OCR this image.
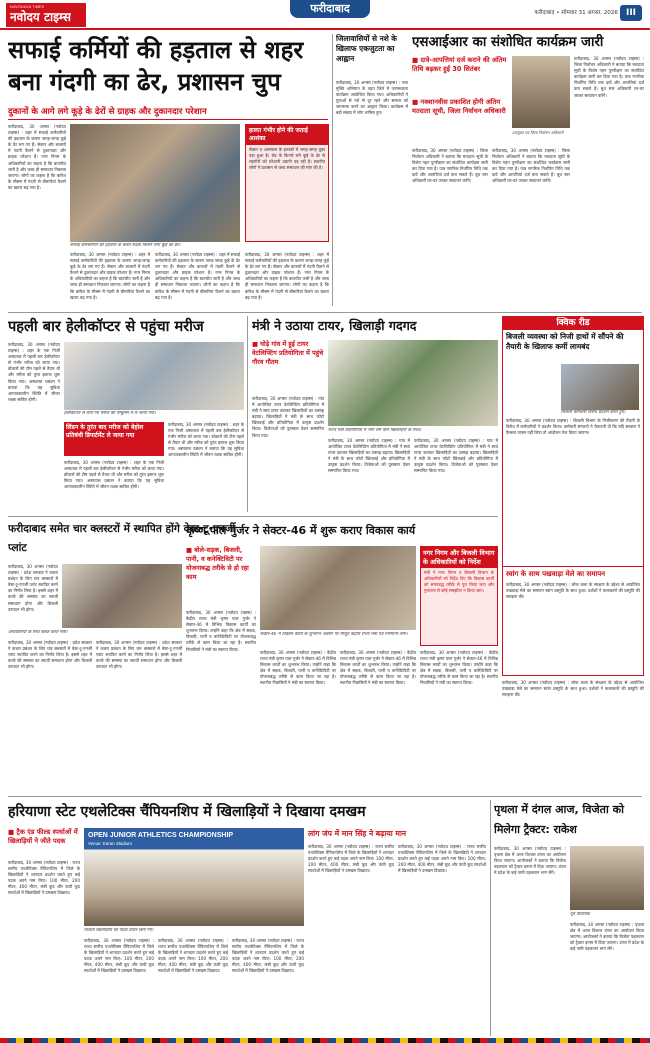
NAVODAYA TIMES
नवोदय टाइम्स
फरीदाबाद	फरीदाबाद • सोमवार 31 अगस्त, 2026 III
सफाई कर्मियों की हड़ताल से शहर बना गंदगी का ढेर, प्रशासन चुप
दुकानों के आगे लगे कूड़े के ढेरों से ग्राहक और दुकानदार परेशान
फरीदाबाद, 30 अगस्त (नवोदय टाइम्स) : शहर में सफाई कर्मचारियों की हड़ताल के कारण जगह-जगह कूड़े के ढेर लग गए हैं। सेक्टर और बाजारों में गंदगी फैलने से दुकानदार और ग्राहक परेशान हैं। नगर निगम के अधिकारियों का कहना है कि बातचीत जारी है और जल्द ही समाधान निकाला जाएगा। लोगों का कहना है कि बारिश के मौसम में गंदगी से बीमारियां फैलने का खतरा बढ़ गया है।
हालत गंभीर होने की जताई आशंका
सेक्टर व आसपास के इलाकों में जगह-जगह कूड़ा पड़ा हुआ है। रोड़ के किनारे लगे कूड़े के ढेर से राहगीरों को परेशानी उठानी पड़ रही है। स्थानीय लोगों ने प्रशासन से जल्द समाधान की मांग की है।
सफाई कर्मचारियों की हड़ताल के चलते सड़क किनारे लगा कूड़े का ढेर।
फरीदाबाद, 30 अगस्त (नवोदय टाइम्स) : शहर में सफाई कर्मचारियों की हड़ताल के कारण जगह-जगह कूड़े के ढेर लग गए हैं। सेक्टर और बाजारों में गंदगी फैलने से दुकानदार और ग्राहक परेशान हैं। नगर निगम के अधिकारियों का कहना है कि बातचीत जारी है और जल्द ही समाधान निकाला जाएगा। लोगों का कहना है कि बारिश के मौसम में गंदगी से बीमारियां फैलने का खतरा बढ़ गया है।
फरीदाबाद, 30 अगस्त (नवोदय टाइम्स) : शहर में सफाई कर्मचारियों की हड़ताल के कारण जगह-जगह कूड़े के ढेर लग गए हैं। सेक्टर और बाजारों में गंदगी फैलने से दुकानदार और ग्राहक परेशान हैं। नगर निगम के अधिकारियों का कहना है कि बातचीत जारी है और जल्द ही समाधान निकाला जाएगा। लोगों का कहना है कि बारिश के मौसम में गंदगी से बीमारियां फैलने का खतरा बढ़ गया है।
फरीदाबाद, 30 अगस्त (नवोदय टाइम्स) : शहर में सफाई कर्मचारियों की हड़ताल के कारण जगह-जगह कूड़े के ढेर लग गए हैं। सेक्टर और बाजारों में गंदगी फैलने से दुकानदार और ग्राहक परेशान हैं। नगर निगम के अधिकारियों का कहना है कि बातचीत जारी है और जल्द ही समाधान निकाला जाएगा। लोगों का कहना है कि बारिश के मौसम में गंदगी से बीमारियां फैलने का खतरा बढ़ गया है।
जिलावासियों से नशे के खिलाफ एकजुटता का आह्वान
फरीदाबाद, 30 अगस्त (नवोदय टाइम्स) : नशा मुक्ति अभियान के तहत जिले में जागरूकता कार्यक्रम आयोजित किया गया। अधिकारियों ने युवाओं से नशे से दूर रहने और समाज को जागरूक करने का आह्वान किया। कार्यक्रम में बड़ी संख्या में लोग शामिल हुए।
एसआईआर का संशोधित कार्यक्रम जारी
■ दावे-आपत्तियां दर्ज कराने की अंतिम तिथि बढ़कर हुई 30 सितंबर
■ नक्शानवीस प्रकाशित होगी अंतिम मतदाता सूची, जिला निर्वाचन अधिकारी
उपायुक्त एवं जिला निर्वाचन अधिकारी
फरीदाबाद, 30 अगस्त (नवोदय टाइम्स) : जिला निर्वाचन अधिकारी ने बताया कि मतदाता सूची के विशेष गहन पुनरीक्षण का संशोधित कार्यक्रम जारी कर दिया गया है। पात्र नागरिक निर्धारित तिथि तक दावे और आपत्तियां दर्ज करा सकते हैं। बूथ स्तर अधिकारी घर-घर जाकर सत्यापन करेंगे।
फरीदाबाद, 30 अगस्त (नवोदय टाइम्स) : जिला निर्वाचन अधिकारी ने बताया कि मतदाता सूची के विशेष गहन पुनरीक्षण का संशोधित कार्यक्रम जारी कर दिया गया है। पात्र नागरिक निर्धारित तिथि तक दावे और आपत्तियां दर्ज करा सकते हैं। बूथ स्तर अधिकारी घर-घर जाकर सत्यापन करेंगे।
फरीदाबाद, 30 अगस्त (नवोदय टाइम्स) : जिला निर्वाचन अधिकारी ने बताया कि मतदाता सूची के विशेष गहन पुनरीक्षण का संशोधित कार्यक्रम जारी कर दिया गया है। पात्र नागरिक निर्धारित तिथि तक दावे और आपत्तियां दर्ज करा सकते हैं। बूथ स्तर अधिकारी घर-घर जाकर सत्यापन करेंगे।
पहली बार हेलीकॉप्टर से पहुंचा मरीज
फरीदाबाद, 30 अगस्त (नवोदय टाइम्स) : शहर के एक निजी अस्पताल में पहली बार हेलीकॉप्टर से गंभीर मरीज को लाया गया। डॉक्टरों की टीम पहले से तैयार थी और मरीज को तुरंत इलाज शुरू किया गया। अस्पताल प्रबंधन ने बताया कि यह सुविधा आपातकालीन स्थिति में जीवन रक्षक साबित होगी।
हेलीकॉप्टर से लाए गए मरीज को एम्बुलेंस में ले जाया गया।
लिंडन के तुरंत बाद मरीज को बेहोश प्रतिबंधी डिपार्टमेंट ले जाया गया
फरीदाबाद, 30 अगस्त (नवोदय टाइम्स) : शहर के एक निजी अस्पताल में पहली बार हेलीकॉप्टर से गंभीर मरीज को लाया गया। डॉक्टरों की टीम पहले से तैयार थी और मरीज को तुरंत इलाज शुरू किया गया। अस्पताल प्रबंधन ने बताया कि यह सुविधा आपातकालीन स्थिति में जीवन रक्षक साबित होगी।
फरीदाबाद, 30 अगस्त (नवोदय टाइम्स) : शहर के एक निजी अस्पताल में पहली बार हेलीकॉप्टर से गंभीर मरीज को लाया गया। डॉक्टरों की टीम पहले से तैयार थी और मरीज को तुरंत इलाज शुरू किया गया। अस्पताल प्रबंधन ने बताया कि यह सुविधा आपातकालीन स्थिति में जीवन रक्षक साबित होगी।
मंत्री ने उठाया टायर, खिलाड़ी गदगद
■ घोड़े गांव में हुई टायर वेटलिफ्टिंग प्रतियोगिता में पहुंचे गौरव गौतम
राज्य मंत्री प्रतियोगिता में भाग लेने वाले खिलाड़ियों के साथ।
फरीदाबाद, 30 अगस्त (नवोदय टाइम्स) : गांव में आयोजित टायर वेटलिफ्टिंग प्रतियोगिता में मंत्री ने स्वयं टायर उठाकर खिलाड़ियों का उत्साह बढ़ाया। खिलाड़ियों ने मंत्री के साथ फोटो खिंचवाई और प्रतियोगिता में उत्कृष्ट प्रदर्शन किया। विजेताओं को पुरस्कार देकर सम्मानित किया गया।
फरीदाबाद, 30 अगस्त (नवोदय टाइम्स) : गांव में आयोजित टायर वेटलिफ्टिंग प्रतियोगिता में मंत्री ने स्वयं टायर उठाकर खिलाड़ियों का उत्साह बढ़ाया। खिलाड़ियों ने मंत्री के साथ फोटो खिंचवाई और प्रतियोगिता में उत्कृष्ट प्रदर्शन किया। विजेताओं को पुरस्कार देकर सम्मानित किया गया।
फरीदाबाद, 30 अगस्त (नवोदय टाइम्स) : गांव में आयोजित टायर वेटलिफ्टिंग प्रतियोगिता में मंत्री ने स्वयं टायर उठाकर खिलाड़ियों का उत्साह बढ़ाया। खिलाड़ियों ने मंत्री के साथ फोटो खिंचवाई और प्रतियोगिता में उत्कृष्ट प्रदर्शन किया। विजेताओं को पुरस्कार देकर सम्मानित किया गया।
क्विक रीड
बिजली व्यवस्था को निजी हाथों में सौंपने की तैयारी के खिलाफ कर्मी लामबंद
बिजली कर्मचारी विरोध प्रदर्शन करते हुए।
फरीदाबाद, 30 अगस्त (नवोदय टाइम्स) : बिजली विभाग के निजीकरण की तैयारी के विरोध में कर्मचारियों ने प्रदर्शन किया। कर्मचारी संगठनों ने चेतावनी दी कि यदि सरकार ने फैसला वापस नहीं लिया तो आंदोलन तेज किया जाएगा।
स्वांग के साथ पखवाड़ा मेले का समापन
फरीदाबाद, 30 अगस्त (नवोदय टाइम्स) : लोक कला के संरक्षण के उद्देश्य से आयोजित पखवाड़ा मेले का समापन स्वांग प्रस्तुति के साथ हुआ। दर्शकों ने कलाकारों की प्रस्तुति की सराहना की।
फरीदाबाद समेत चार क्लस्टरों में स्थापित होंगे वेस्ट-टू-एनर्जी प्लांट
फरीदाबाद, 30 अगस्त (नवोदय टाइम्स) : प्रदेश सरकार ने कचरा प्रबंधन के लिए चार क्लस्टरों में वेस्ट-टू-एनर्जी प्लांट स्थापित करने का निर्णय लिया है। इससे शहर में कचरे की समस्या का स्थायी समाधान होगा और बिजली उत्पादन भी होगा।
अधिकारियों के साथ बैठक करते मंत्री।
फरीदाबाद, 30 अगस्त (नवोदय टाइम्स) : प्रदेश सरकार ने कचरा प्रबंधन के लिए चार क्लस्टरों में वेस्ट-टू-एनर्जी प्लांट स्थापित करने का निर्णय लिया है। इससे शहर में कचरे की समस्या का स्थायी समाधान होगा और बिजली उत्पादन भी होगा।
फरीदाबाद, 30 अगस्त (नवोदय टाइम्स) : प्रदेश सरकार ने कचरा प्रबंधन के लिए चार क्लस्टरों में वेस्ट-टू-एनर्जी प्लांट स्थापित करने का निर्णय लिया है। इससे शहर में कचरे की समस्या का स्थायी समाधान होगा और बिजली उत्पादन भी होगा।
कृष्ण पाल गुर्जर ने सेक्टर-46 में शुरू कराए विकास कार्य
■ बोले-सड़क, बिजली, पानी, व कनेक्टिविटी पर योजनाबद्ध तरीके से हो रहा काम
फरीदाबाद, 30 अगस्त (नवोदय टाइम्स) : केंद्रीय राज्य मंत्री कृष्ण पाल गुर्जर ने सेक्टर-46 में विभिन्न विकास कार्यों का शुभारंभ किया। उन्होंने कहा कि क्षेत्र में सड़क, बिजली, पानी व कनेक्टिविटी पर योजनाबद्ध तरीके से काम किया जा रहा है। स्थानीय निवासियों ने मंत्री का स्वागत किया।
सेक्टर-46 में विकास कार्यों के शुभारंभ अवसर पर मौजूद केंद्रीय राज्य मंत्री एवं गणमान्य लोग।
नगर निगम और बिजली विभाग के अधिकारियों को निर्देश
मंत्री ने नगर निगम व बिजली विभाग के अधिकारियों को निर्देश दिए कि विकास कार्यों को समयबद्ध तरीके से पूरा किया जाए और गुणवत्ता से कोई समझौता न किया जाए।
फरीदाबाद, 30 अगस्त (नवोदय टाइम्स) : केंद्रीय राज्य मंत्री कृष्ण पाल गुर्जर ने सेक्टर-46 में विभिन्न विकास कार्यों का शुभारंभ किया। उन्होंने कहा कि क्षेत्र में सड़क, बिजली, पानी व कनेक्टिविटी पर योजनाबद्ध तरीके से काम किया जा रहा है। स्थानीय निवासियों ने मंत्री का स्वागत किया।
फरीदाबाद, 30 अगस्त (नवोदय टाइम्स) : केंद्रीय राज्य मंत्री कृष्ण पाल गुर्जर ने सेक्टर-46 में विभिन्न विकास कार्यों का शुभारंभ किया। उन्होंने कहा कि क्षेत्र में सड़क, बिजली, पानी व कनेक्टिविटी पर योजनाबद्ध तरीके से काम किया जा रहा है। स्थानीय निवासियों ने मंत्री का स्वागत किया।
फरीदाबाद, 30 अगस्त (नवोदय टाइम्स) : केंद्रीय राज्य मंत्री कृष्ण पाल गुर्जर ने सेक्टर-46 में विभिन्न विकास कार्यों का शुभारंभ किया। उन्होंने कहा कि क्षेत्र में सड़क, बिजली, पानी व कनेक्टिविटी पर योजनाबद्ध तरीके से काम किया जा रहा है। स्थानीय निवासियों ने मंत्री का स्वागत किया।	फरीदाबाद, 30 अगस्त (नवोदय टाइम्स) : लोक कला के संरक्षण के उद्देश्य से आयोजित पखवाड़ा मेले का समापन स्वांग प्रस्तुति के साथ हुआ। दर्शकों ने कलाकारों की प्रस्तुति की सराहना की।
हरियाणा स्टेट एथलेटिक्स चैंपियनशिप में खिलाड़ियों ने दिखाया दमखम
■ ट्रैक एंड फील्ड स्पर्धाओं में खिलाड़ियों ने जीते पदक
फरीदाबाद, 30 अगस्त (नवोदय टाइम्स) : राज्य स्तरीय एथलेटिक्स चैंपियनशिप में जिले के खिलाड़ियों ने शानदार प्रदर्शन करते हुए कई पदक अपने नाम किए। 100 मीटर, 200 मीटर, 400 मीटर, लंबी कूद और ऊंची कूद स्पर्धाओं में खिलाड़ियों ने दमखम दिखाया।
OPEN JUNIOR ATHLETICS CHAMPIONSHIP
Venue: Karan Stadium
विजेता खिलाड़ियों को पदक प्रदान किए गए।
फरीदाबाद, 30 अगस्त (नवोदय टाइम्स) : राज्य स्तरीय एथलेटिक्स चैंपियनशिप में जिले के खिलाड़ियों ने शानदार प्रदर्शन करते हुए कई पदक अपने नाम किए। 100 मीटर, 200 मीटर, 400 मीटर, लंबी कूद और ऊंची कूद स्पर्धाओं में खिलाड़ियों ने दमखम दिखाया।
फरीदाबाद, 30 अगस्त (नवोदय टाइम्स) : राज्य स्तरीय एथलेटिक्स चैंपियनशिप में जिले के खिलाड़ियों ने शानदार प्रदर्शन करते हुए कई पदक अपने नाम किए। 100 मीटर, 200 मीटर, 400 मीटर, लंबी कूद और ऊंची कूद स्पर्धाओं में खिलाड़ियों ने दमखम दिखाया।
फरीदाबाद, 30 अगस्त (नवोदय टाइम्स) : राज्य स्तरीय एथलेटिक्स चैंपियनशिप में जिले के खिलाड़ियों ने शानदार प्रदर्शन करते हुए कई पदक अपने नाम किए। 100 मीटर, 200 मीटर, 400 मीटर, लंबी कूद और ऊंची कूद स्पर्धाओं में खिलाड़ियों ने दमखम दिखाया।
लांग जंप में मान सिंह ने बढ़ाया मान
फरीदाबाद, 30 अगस्त (नवोदय टाइम्स) : राज्य स्तरीय एथलेटिक्स चैंपियनशिप में जिले के खिलाड़ियों ने शानदार प्रदर्शन करते हुए कई पदक अपने नाम किए। 100 मीटर, 200 मीटर, 400 मीटर, लंबी कूद और ऊंची कूद स्पर्धाओं में खिलाड़ियों ने दमखम दिखाया।
फरीदाबाद, 30 अगस्त (नवोदय टाइम्स) : राज्य स्तरीय एथलेटिक्स चैंपियनशिप में जिले के खिलाड़ियों ने शानदार प्रदर्शन करते हुए कई पदक अपने नाम किए। 100 मीटर, 200 मीटर, 400 मीटर, लंबी कूद और ऊंची कूद स्पर्धाओं में खिलाड़ियों ने दमखम दिखाया।
पृथला में दंगल आज, विजेता को मिलेगा ट्रैक्टर: राकेश
फरीदाबाद, 30 अगस्त (नवोदय टाइम्स) : पृथला क्षेत्र में आज विशाल दंगल का आयोजन किया जाएगा। आयोजकों ने बताया कि विजेता पहलवान को ट्रैक्टर इनाम में दिया जाएगा। दंगल में प्रदेश के कई नामी पहलवान भाग लेंगे।
पूर्व विधायक
फरीदाबाद, 30 अगस्त (नवोदय टाइम्स) : पृथला क्षेत्र में आज विशाल दंगल का आयोजन किया जाएगा। आयोजकों ने बताया कि विजेता पहलवान को ट्रैक्टर इनाम में दिया जाएगा। दंगल में प्रदेश के कई नामी पहलवान भाग लेंगे।
